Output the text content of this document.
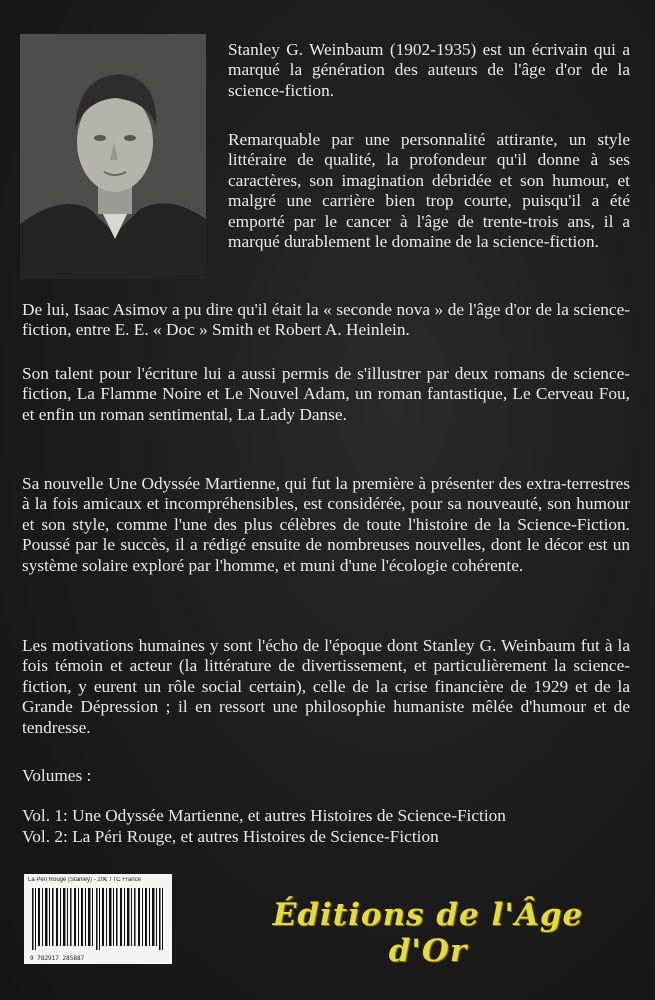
Stanley G. Weinbaum (1902-1935) est un écrivain qui a marqué la génération des auteurs de l'âge d'or de la science-fiction.

Remarquable par une personnalité attirante, un style littéraire de qualité, la profondeur qu'il donne à ses caractères, son imagination débridée et son humour, et malgré une carrière bien trop courte, puisqu'il a été emporté par le cancer à l'âge de trente-trois ans, il a marqué durablement le domaine de la science-fiction.

De lui, Isaac Asimov a pu dire qu'il était la « seconde nova » de l'âge d'or de la science-fiction, entre E. E. « Doc » Smith et Robert A. Heinlein.

Son talent pour l'écriture lui a aussi permis de s'illustrer par deux romans de science-fiction, La Flamme Noire et Le Nouvel Adam, un roman fantastique, Le Cerveau Fou, et enfin un roman sentimental, La Lady Danse.

Sa nouvelle Une Odyssée Martienne, qui fut la première à présenter des extra-terrestres à la fois amicaux et incompréhensibles, est considérée, pour sa nouveauté, son humour et son style, comme l'une des plus célèbres de toute l'histoire de la Science-Fiction. Poussé par le succès, il a rédigé ensuite de nombreuses nouvelles, dont le décor est un système solaire exploré par l'homme, et muni d'une l'écologie cohérente.

Les motivations humaines y sont l'écho de l'époque dont Stanley G. Weinbaum fut à la fois témoin et acteur (la littérature de divertissement, et particulièrement la science-fiction, y eurent un rôle social certain), celle de la crise financière de 1929 et de la Grande Dépression ; il en ressort une philosophie humaniste mêlée d'humour et de tendresse.

Volumes :
Vol. 1: Une Odyssée Martienne, et autres Histoires de Science-Fiction
Vol. 2: La Péri Rouge, et autres Histoires de Science-Fiction
La Péri Rouge (Stanley) - 20€ TTC France
9 782917 285887
Éditions de l'Âge d'Or
